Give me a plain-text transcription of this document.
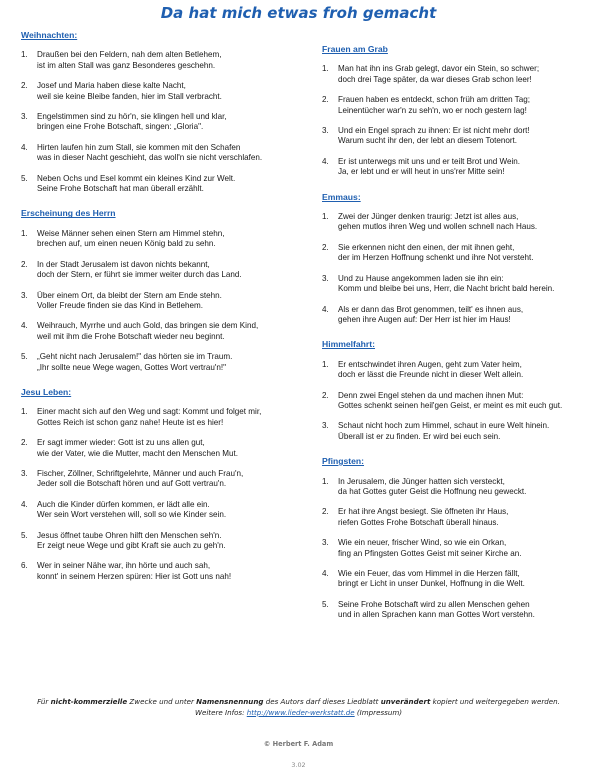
Da hat mich etwas froh gemacht
Weihnachten:
1.	Draußen bei den Feldern, nah dem alten Betlehem,
ist im alten Stall was ganz Besonderes geschehn.
2.	Josef und Maria haben diese kalte Nacht,
weil sie keine Bleibe fanden, hier im Stall verbracht.
3.	Engelstimmen sind zu hör'n, sie klingen hell und klar,
bringen eine Frohe Botschaft, singen: „Gloria".
4.	Hirten laufen hin zum Stall, sie kommen mit den Schafen
was in dieser Nacht geschieht, das woll'n sie nicht verschlafen.
5.	Neben Ochs und Esel kommt ein kleines Kind zur Welt.
Seine Frohe Botschaft hat man überall erzählt.
Erscheinung des Herrn
1.	Weise Männer sehen einen Stern am Himmel stehn,
brechen auf, um einen neuen König bald zu sehn.
2.	In der Stadt Jerusalem ist davon nichts bekannt,
doch der Stern, er führt sie immer weiter durch das Land.
3.	Über einem Ort, da bleibt der Stern am Ende stehn.
Voller Freude finden sie das Kind in Betlehem.
4.	Weihrauch, Myrrhe und auch Gold, das bringen sie dem Kind,
weil mit ihm die Frohe Botschaft wieder neu beginnt.
5.	„Geht nicht nach Jerusalem!" das hörten sie im Traum.
„Ihr sollte neue Wege wagen, Gottes Wort vertrau'n!"
Jesu Leben:
1.	Einer macht sich auf den Weg und sagt: Kommt und folget mir,
Gottes Reich ist schon ganz nahe! Heute ist es hier!
2.	Er sagt immer wieder: Gott ist zu uns allen gut,
wie der Vater, wie die Mutter, macht den Menschen Mut.
3.	Fischer, Zöllner, Schriftgelehrte, Männer und auch Frau'n,
Jeder soll die Botschaft hören und auf Gott vertrau'n.
4.	Auch die Kinder dürfen kommen, er lädt alle ein.
Wer sein Wort verstehen will, soll so wie Kinder sein.
5.	Jesus öffnet taube Ohren hilft den Menschen seh'n.
Er zeigt neue Wege und gibt Kraft sie auch zu geh'n.
6.	Wer in seiner Nähe war, ihn hörte und auch sah,
konnt' in seinem Herzen spüren: Hier ist Gott uns nah!
Frauen am Grab
1.	Man hat ihn ins Grab gelegt, davor ein Stein, so schwer;
doch drei Tage später, da war dieses Grab schon leer!
2.	Frauen haben es entdeckt, schon früh am dritten Tag;
Leinentücher war'n zu seh'n, wo er noch gestern lag!
3.	Und ein Engel sprach zu ihnen: Er ist nicht mehr dort!
Warum sucht ihr den, der lebt an diesem Totenort.
4.	Er ist unterwegs mit uns und er teilt Brot und Wein.
Ja, er lebt und er will heut in uns'rer Mitte sein!
Emmaus:
1.	Zwei der Jünger denken traurig: Jetzt ist alles aus,
gehen mutlos ihren Weg und wollen schnell nach Haus.
2.	Sie erkennen nicht den einen, der mit ihnen geht,
der im Herzen Hoffnung schenkt und ihre Not versteht.
3.	Und zu Hause angekommen laden sie ihn ein:
Komm und bleibe bei uns, Herr, die Nacht bricht bald herein.
4.	Als er dann das Brot genommen, teilt' es ihnen aus,
gehen ihre Augen auf: Der Herr ist hier im Haus!
Himmelfahrt:
1.	Er entschwindet ihren Augen, geht zum Vater heim,
doch er lässt die Freunde nicht in dieser Welt allein.
2.	Denn zwei Engel stehen da und machen ihnen Mut:
Gottes schenkt seinen heil'gen Geist, er meint es mit euch gut.
3.	Schaut nicht hoch zum Himmel, schaut in eure Welt hinein.
Überall ist er zu finden. Er wird bei euch sein.
Pfingsten:
1.	In Jerusalem, die Jünger hatten sich versteckt,
da hat Gottes guter Geist die Hoffnung neu geweckt.
2.	Er hat ihre Angst besiegt. Sie öffneten ihr Haus,
riefen Gottes Frohe Botschaft überall hinaus.
3.	Wie ein neuer, frischer Wind, so wie ein Orkan,
fing an Pfingsten Gottes Geist mit seiner Kirche an.
4.	Wie ein Feuer, das vom Himmel in die Herzen fällt,
bringt er Licht in unser Dunkel, Hoffnung in die Welt.
5.	Seine Frohe Botschaft wird zu allen Menschen gehen
und in allen Sprachen kann man Gottes Wort verstehn.
Für nicht-kommerzielle Zwecke und unter Namensnennung des Autors darf dieses Liedblatt unverändert kopiert und weitergegeben werden.
Weitere Infos: http://www.lieder-werkstatt.de (Impressum)
© Herbert F. Adam
3.02
